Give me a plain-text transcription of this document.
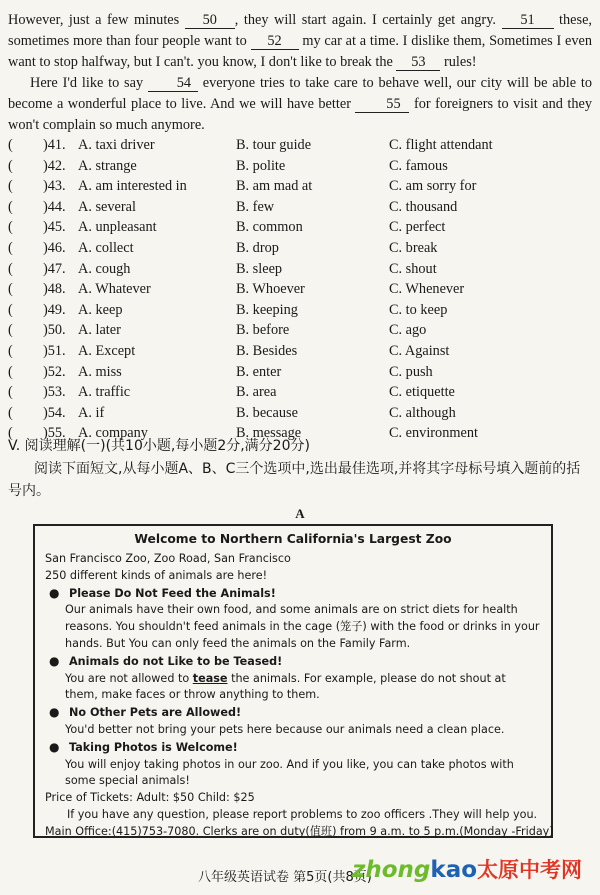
However, just a few minutes 50 , they will start again. I certainly get angry. 51 these, sometimes more than four people want to 52 my car at a time. I dislike them, Sometimes I even want to stop halfway, but I can't. you know, I don't like to break the 53 rules!

Here I'd like to say 54 everyone tries to take care to behave well, our city will be able to become a wonderful place to live. And we will have better 55 for foreigners to visit and they won't complain so much anymore.

( )41. A. taxi driver	B. tour guide	C. flight attendant
( )42. A. strange	B. polite	C. famous
( )43. A. am interested in	B. am mad at	C. am sorry for
( )44. A. several	B. few	C. thousand
( )45. A. unpleasant	B. common	C. perfect
( )46. A. collect	B. drop	C. break
( )47. A. cough	B. sleep	C. shout
( )48. A. Whatever	B. Whoever	C. Whenever
( )49. A. keep	B. keeping	C. to keep
( )50. A. later	B. before	C. ago
( )51. A. Except	B. Besides	C. Against
( )52. A. miss	B. enter	C. push
( )53. A. traffic	B. area	C. etiquette
( )54. A. if	B. because	C. although
( )55. A. company	B. message	C. environment
V. 阅读理解(一)(共10小题,每小题2分,满分20分)
阅读下面短文,从每小题A、B、C三个选项中,选出最佳选项,并将其字母标号填入题前的括号内。
A
Welcome to Northern California's Largest Zoo
San Francisco Zoo, Zoo Road, San Francisco
250 different kinds of animals are here!
● Please Do Not Feed the Animals!
Our animals have their own food, and some animals are on strict diets for health reasons. You shouldn't feed animals in the cage (笼子) with the food or drinks in your hands. But You can only feed the animals on the Family Farm.
● Animals do not Like to be Teased!
You are not allowed to tease the animals. For example, please do not shout at them, make faces or throw anything to them.
● No Other Pets are Allowed!
You'd better not bring your pets here because our animals need a clean place.
● Taking Photos is Welcome!
You will enjoy taking photos in our zoo. And if you like, you can take photos with some special animals!
Price of Tickets: Adult: $50 Child: $25
If you have any question, please report problems to zoo officers .They will help you.
Main Office:(415)753-7080. Clerks are on duty(值班) from 9 a.m. to 5 p.m.(Monday -Friday)
八年级英语试卷 第5页(共8页)
zhongkao太原中考网
